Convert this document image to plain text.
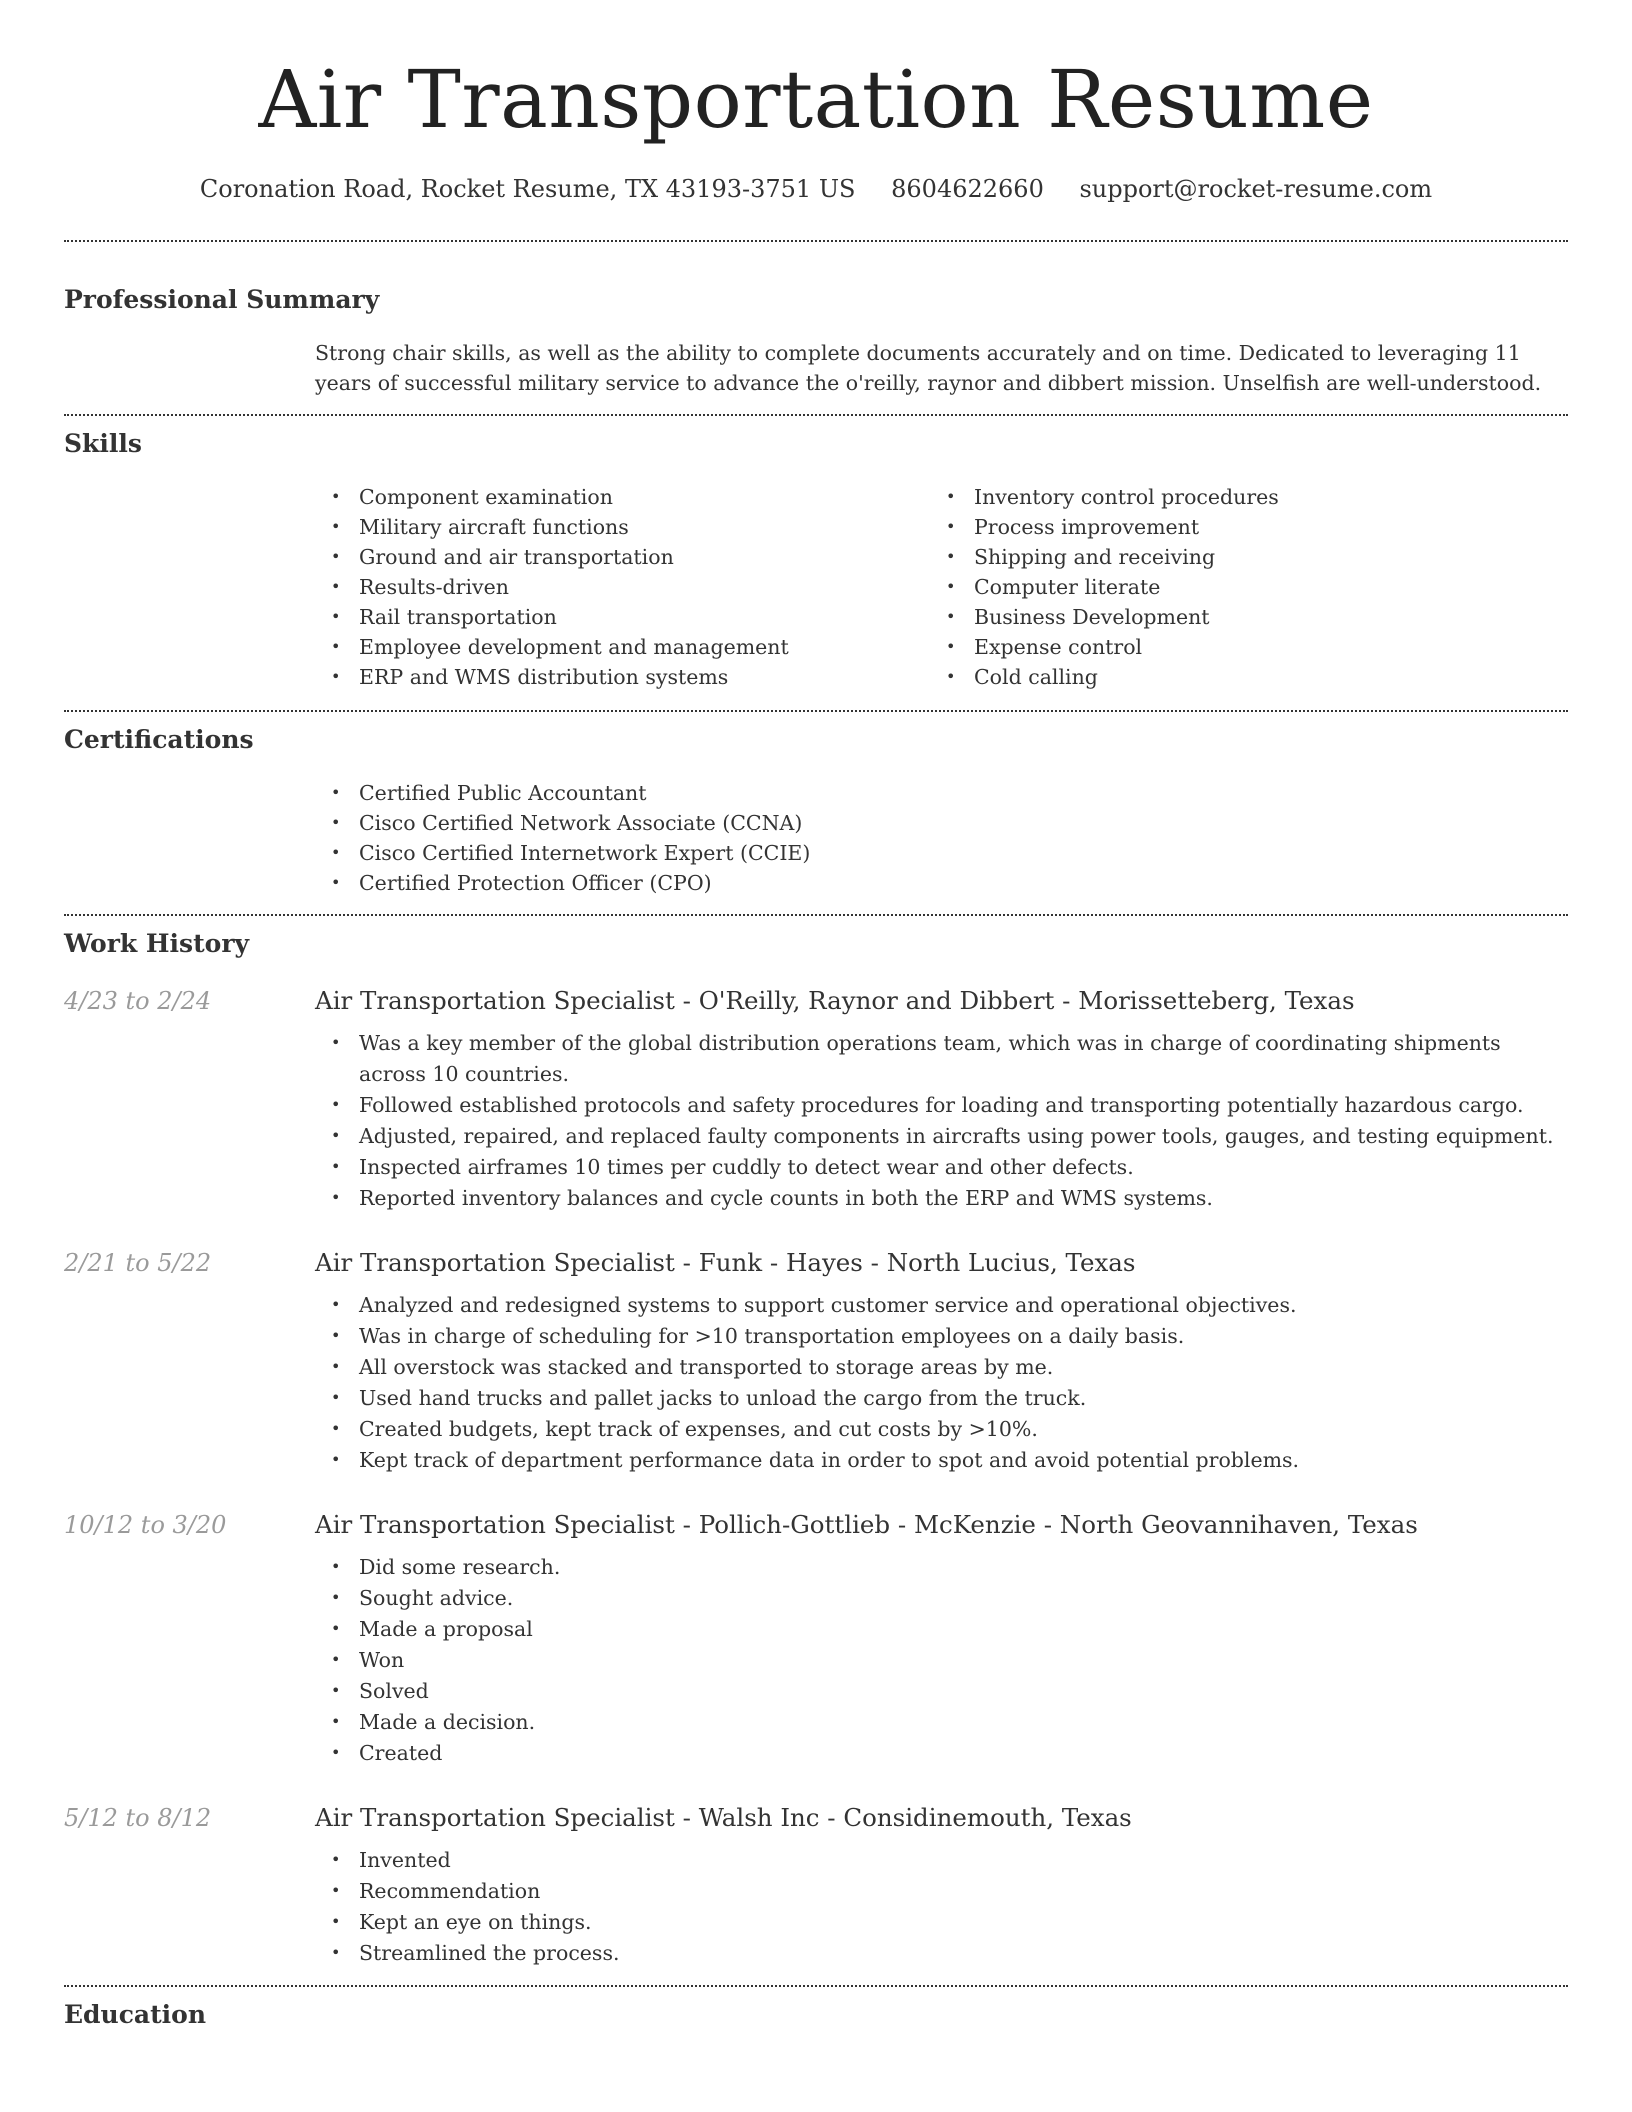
Air Transportation Resume
Coronation Road, Rocket Resume, TX 43193-3751 US 8604622660 support@rocket-resume.com
Professional Summary

Strong chair skills, as well as the ability to complete documents accurately and on time. Dedicated to leveraging 11 years of successful military service to advance the o'reilly, raynor and dibbert mission. Unselfish are well-understood.

Skills
• Component examination
• Military aircraft functions
• Ground and air transportation
• Results-driven
• Rail transportation
• Employee development and management
• ERP and WMS distribution systems
• Inventory control procedures
• Process improvement
• Shipping and receiving
• Computer literate
• Business Development
• Expense control
• Cold calling
Certifications
• Certified Public Accountant
• Cisco Certified Network Associate (CCNA)
• Cisco Certified Internetwork Expert (CCIE)
• Certified Protection Officer (CPO)
Work History
4/23 to 2/24	Air Transportation Specialist - O'Reilly, Raynor and Dibbert - Morissetteberg, Texas
• Was a key member of the global distribution operations team, which was in charge of coordinating shipments across 10 countries.
• Followed established protocols and safety procedures for loading and transporting potentially hazardous cargo.
• Adjusted, repaired, and replaced faulty components in aircrafts using power tools, gauges, and testing equipment.
• Inspected airframes 10 times per cuddly to detect wear and other defects.
• Reported inventory balances and cycle counts in both the ERP and WMS systems.
2/21 to 5/22	Air Transportation Specialist - Funk - Hayes - North Lucius, Texas
• Analyzed and redesigned systems to support customer service and operational objectives.
• Was in charge of scheduling for >10 transportation employees on a daily basis.
• All overstock was stacked and transported to storage areas by me.
• Used hand trucks and pallet jacks to unload the cargo from the truck.
• Created budgets, kept track of expenses, and cut costs by >10%.
• Kept track of department performance data in order to spot and avoid potential problems.
10/12 to 3/20	Air Transportation Specialist - Pollich-Gottlieb - McKenzie - North Geovannihaven, Texas
• Did some research.
• Sought advice.
• Made a proposal
• Won
• Solved
• Made a decision.
• Created
5/12 to 8/12	Air Transportation Specialist - Walsh Inc - Considinemouth, Texas
• Invented
• Recommendation
• Kept an eye on things.
• Streamlined the process.
Education
